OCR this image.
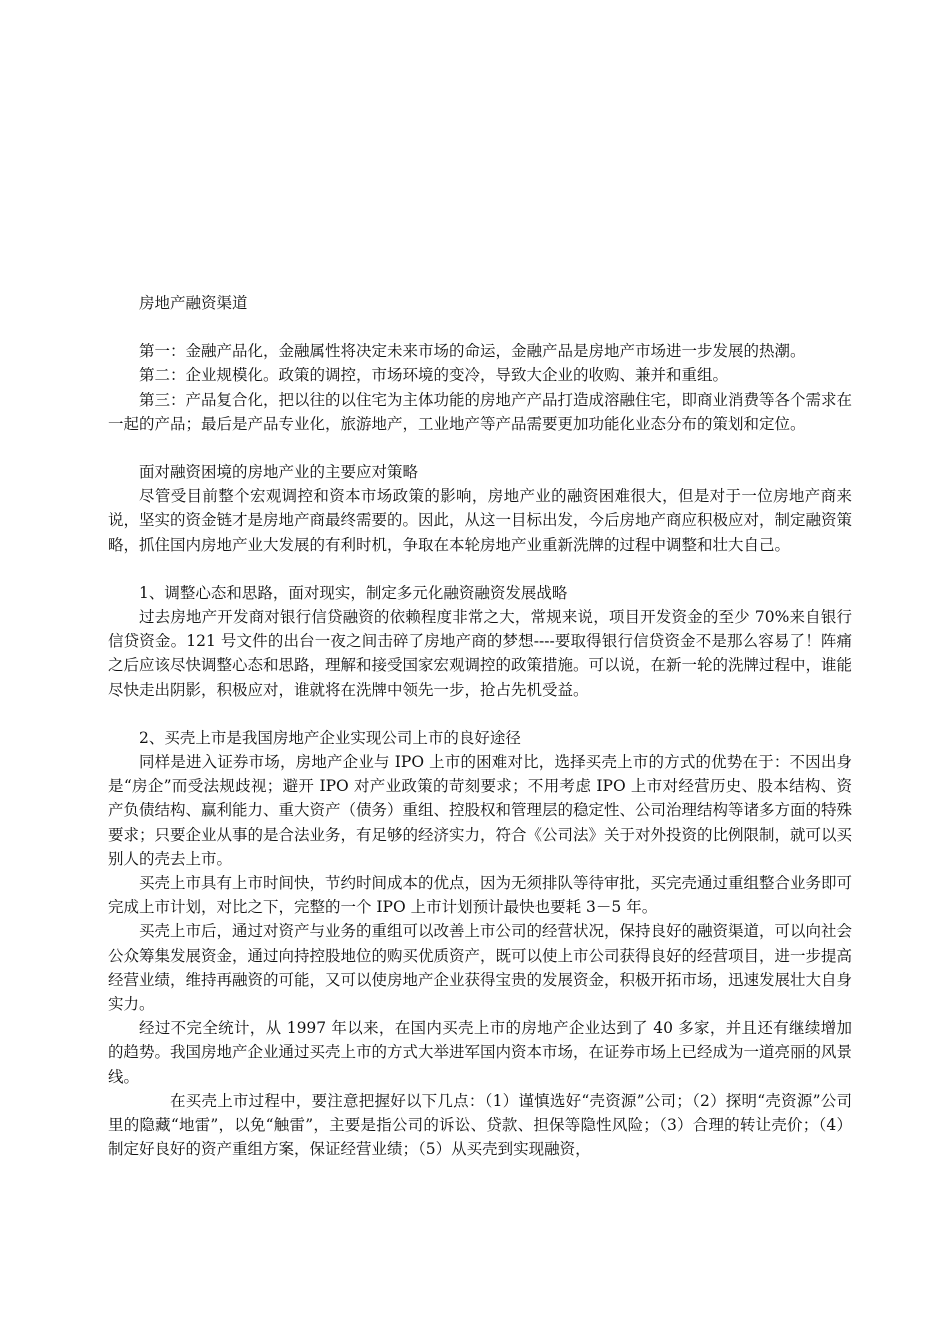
房地产融资渠道

第一：金融产品化，金融属性将决定未来市场的命运，金融产品是房地产市场进一步发展的热潮。

第二：企业规模化。政策的调控，市场环境的变冷，导致大企业的收购、兼并和重组。

第三：产品复合化，把以往的以住宅为主体功能的房地产产品打造成溶融住宅，即商业消费等各个需求在一起的产品；最后是产品专业化，旅游地产，工业地产等产品需要更加功能化业态分布的策划和定位。

面对融资困境的房地产业的主要应对策略

尽管受目前整个宏观调控和资本市场政策的影响，房地产业的融资困难很大，但是对于一位房地产商来说，坚实的资金链才是房地产商最终需要的。因此，从这一目标出发，今后房地产商应积极应对，制定融资策略，抓住国内房地产业大发展的有利时机，争取在本轮房地产业重新洗牌的过程中调整和壮大自己。

1、调整心态和思路，面对现实，制定多元化融资融资发展战略

过去房地产开发商对银行信贷融资的依赖程度非常之大，常规来说，项目开发资金的至少 70%来自银行信贷资金。121 号文件的出台一夜之间击碎了房地产商的梦想----要取得银行信贷资金不是那么容易了！阵痛之后应该尽快调整心态和思路，理解和接受国家宏观调控的政策措施。可以说，在新一轮的洗牌过程中，谁能尽快走出阴影，积极应对，谁就将在洗牌中领先一步，抢占先机受益。

2、买壳上市是我国房地产企业实现公司上市的良好途径

同样是进入证券市场，房地产企业与 IPO 上市的困难对比，选择买壳上市的方式的优势在于：不因出身是“房企”而受法规歧视；避开 IPO 对产业政策的苛刻要求；不用考虑 IPO 上市对经营历史、股本结构、资产负债结构、赢利能力、重大资产（债务）重组、控股权和管理层的稳定性、公司治理结构等诸多方面的特殊要求；只要企业从事的是合法业务，有足够的经济实力，符合《公司法》关于对外投资的比例限制，就可以买别人的壳去上市。

买壳上市具有上市时间快，节约时间成本的优点，因为无须排队等待审批，买完壳通过重组整合业务即可完成上市计划，对比之下，完整的一个 IPO 上市计划预计最快也要耗 3－5 年。

买壳上市后，通过对资产与业务的重组可以改善上市公司的经营状况，保持良好的融资渠道，可以向社会公众筹集发展资金，通过向持控股地位的购买优质资产，既可以使上市公司获得良好的经营项目，进一步提高经营业绩，维持再融资的可能，又可以使房地产企业获得宝贵的发展资金，积极开拓市场，迅速发展壮大自身实力。

经过不完全统计，从 1997 年以来，在国内买壳上市的房地产企业达到了 40 多家，并且还有继续增加的趋势。我国房地产企业通过买壳上市的方式大举进军国内资本市场，在证券市场上已经成为一道亮丽的风景线。

在买壳上市过程中，要注意把握好以下几点：（1）谨慎选好“壳资源”公司；（2）探明“壳资源”公司里的隐藏“地雷”，以免“触雷”，主要是指公司的诉讼、贷款、担保等隐性风险；（3）合理的转让壳价；（4）制定好良好的资产重组方案，保证经营业绩；（5）从买壳到实现融资，
